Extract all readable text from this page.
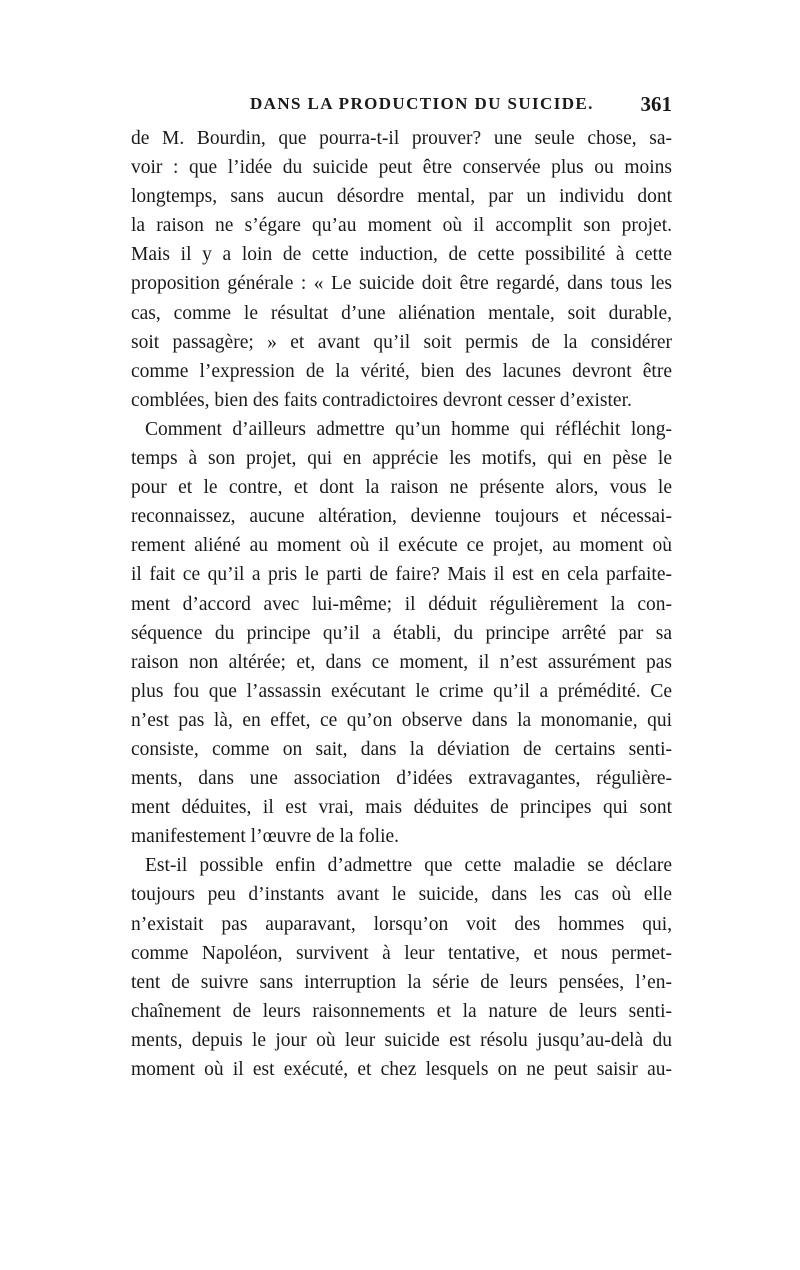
DANS LA PRODUCTION DU SUICIDE. 361
de M. Bourdin, que pourra-t-il prouver? une seule chose, sa-
voir : que l’idée du suicide peut être conservée plus ou moins
longtemps, sans aucun désordre mental, par un individu dont
la raison ne s’égare qu’au moment où il accomplit son projet.
Mais il y a loin de cette induction, de cette possibilité à cette
proposition générale : « Le suicide doit être regardé, dans tous les
cas, comme le résultat d’une aliénation mentale, soit durable,
soit passagère; » et avant qu’il soit permis de la considérer
comme l’expression de la vérité, bien des lacunes devront être
comblées, bien des faits contradictoires devront cesser d’exister.
Comment d’ailleurs admettre qu’un homme qui réfléchit long-
temps à son projet, qui en apprécie les motifs, qui en pèse le
pour et le contre, et dont la raison ne présente alors, vous le
reconnaissez, aucune altération, devienne toujours et nécessai-
rement aliéné au moment où il exécute ce projet, au moment où
il fait ce qu’il a pris le parti de faire? Mais il est en cela parfaite-
ment d’accord avec lui-même; il déduit régulièrement la con-
séquence du principe qu’il a établi, du principe arrêté par sa
raison non altérée; et, dans ce moment, il n’est assurément pas
plus fou que l’assassin exécutant le crime qu’il a prémédité. Ce
n’est pas là, en effet, ce qu’on observe dans la monomanie, qui
consiste, comme on sait, dans la déviation de certains senti-
ments, dans une association d’idées extravagantes, régulière-
ment déduites, il est vrai, mais déduites de principes qui sont
manifestement l’œuvre de la folie.
Est-il possible enfin d’admettre que cette maladie se déclare
toujours peu d’instants avant le suicide, dans les cas où elle
n’existait pas auparavant, lorsqu’on voit des hommes qui,
comme Napoléon, survivent à leur tentative, et nous permet-
tent de suivre sans interruption la série de leurs pensées, l’en-
chaînement de leurs raisonnements et la nature de leurs senti-
ments, depuis le jour où leur suicide est résolu jusqu’au-delà du
moment où il est exécuté, et chez lesquels on ne peut saisir au-
